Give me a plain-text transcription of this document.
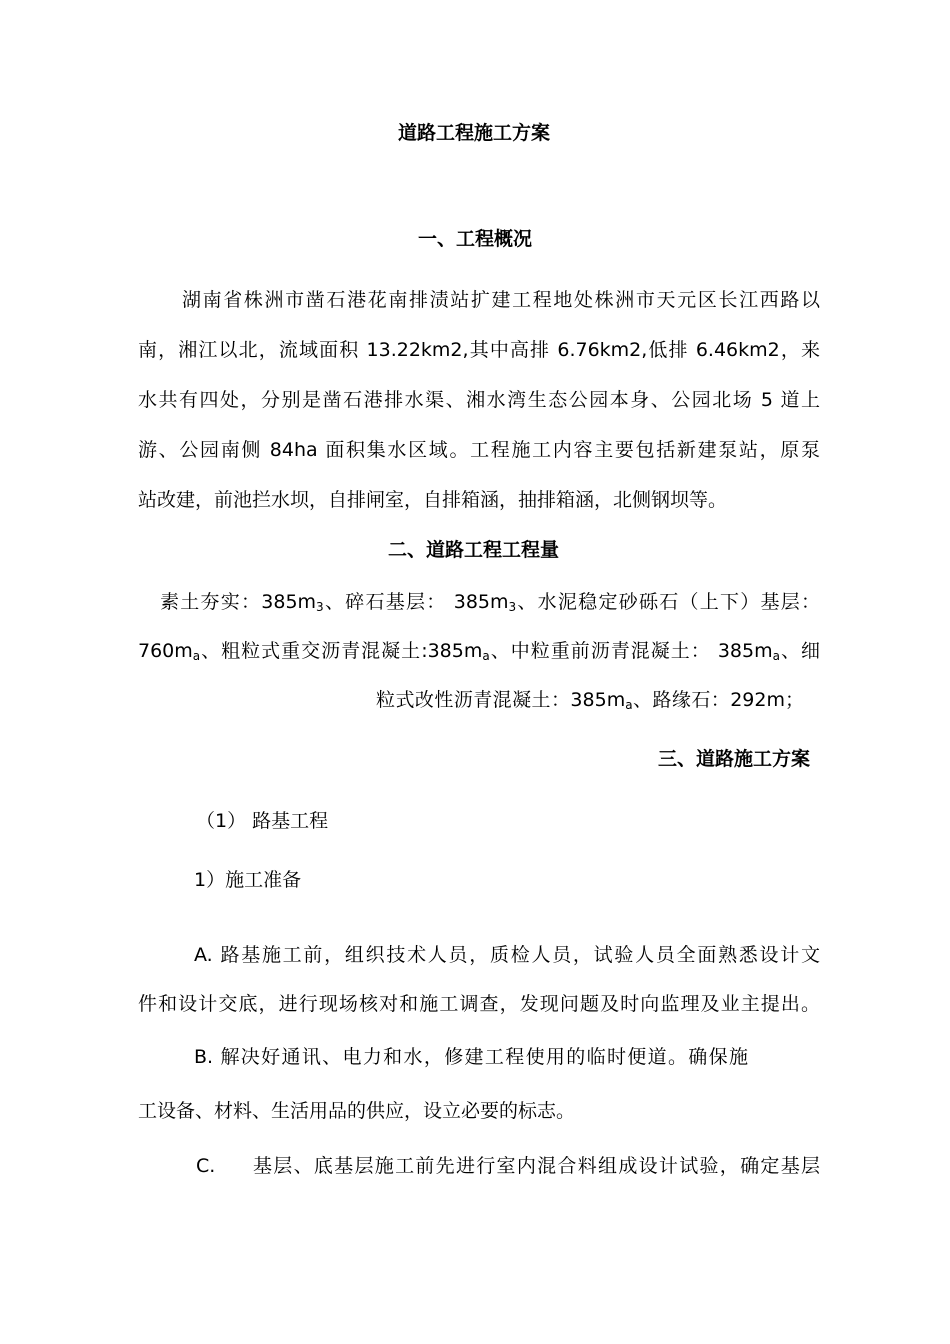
道路工程施工方案
一、工程概况
湖南省株洲市凿石港花南排渍站扩建工程地处株洲市天元区长江西路以
南，湘江以北，流域面积 13.22km2,其中高排 6.76km2,低排 6.46km2，来
水共有四处，分别是凿石港排水渠、湘水湾生态公园本身、公园北场 5 道上
游、公园南侧 84ha 面积集水区域。工程施工内容主要包括新建泵站，原泵
站改建，前池拦水坝，自排闸室，自排箱涵，抽排箱涵，北侧钢坝等。
二、道路工程工程量
素土夯实：$385m_3$、碎石基层： $385m_3$、水泥稳定砂砾石（上下）基层：
$760m_a$、粗粒式重交沥青混凝土$:385m_a$、中粒重前沥青混凝土： $385m_a$、细
粒式改性沥青混凝土：$385m_a$、路缘石：292m；
三、道路施工方案
（1） 路基工程
1）施工准备
A. 路基施工前，组织技术人员，质检人员，试验人员全面熟悉设计文
件和设计交底，进行现场核对和施工调查，发现问题及时向监理及业主提出。
B. 解决好通讯、电力和水，修建工程使用的临时便道。确保施
工设备、材料、生活用品的供应，设立必要的标志。
C. 基层、底基层施工前先进行室内混合料组成设计试验，确定基层
